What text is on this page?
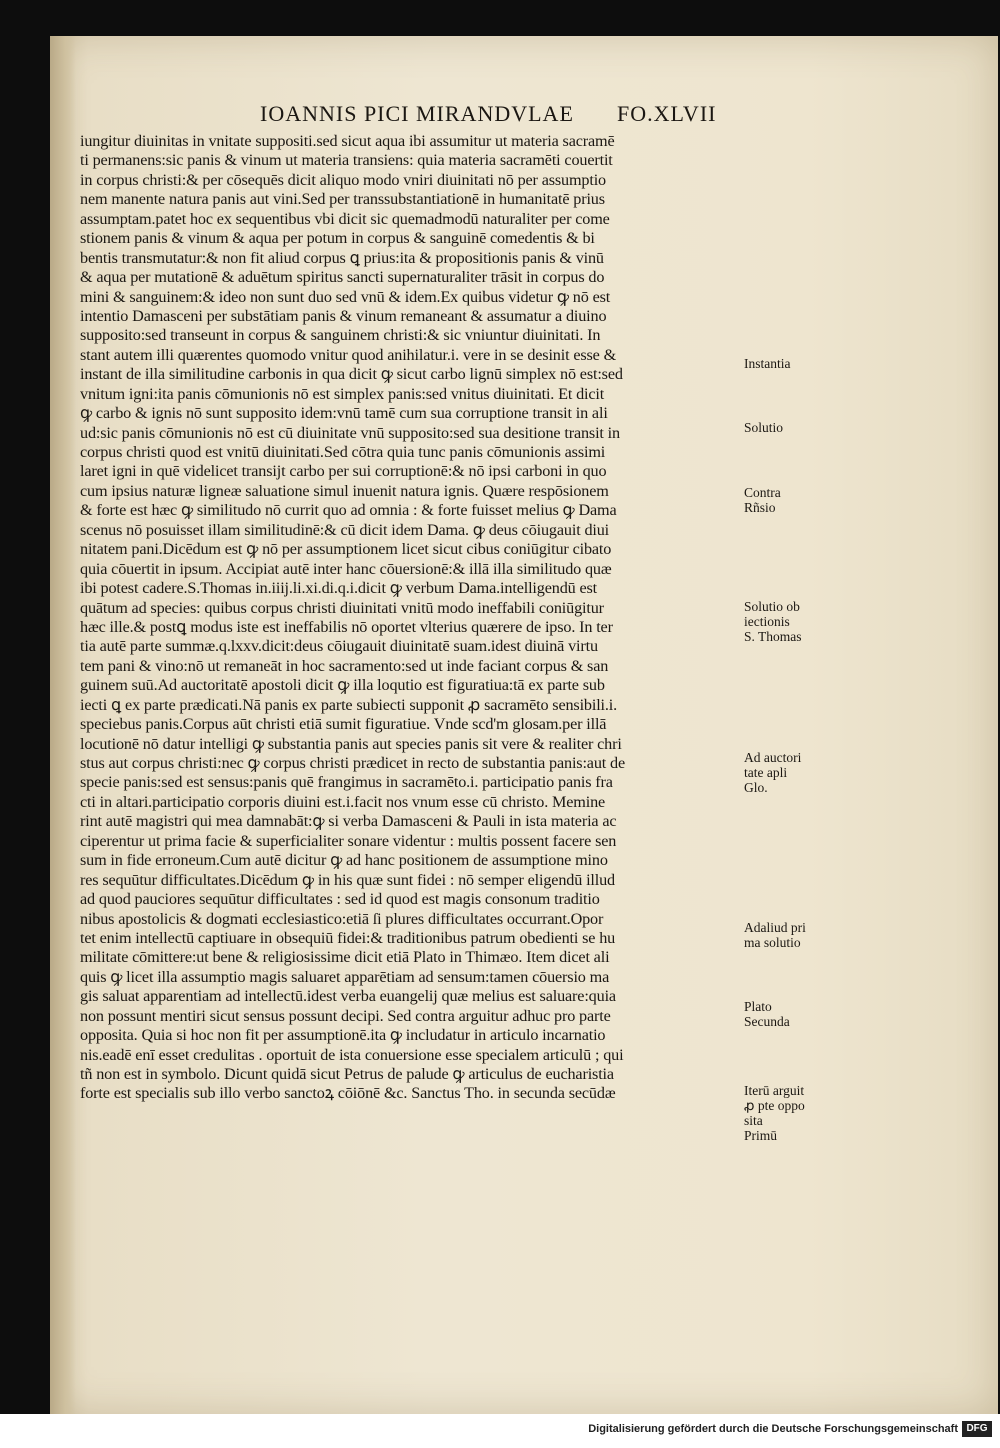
IOANNIS PICI MIRANDVLAE FO.XLVII
iungitur diuinitas in vnitate suppositi.sed sicut aqua ibi assumitur ut materia sacramē
ti permanens:sic panis & vinum ut materia transiens: quia materia sacramēti couertit
in corpus christi:& per cōsequēs dicit aliquo modo vniri diuinitati nō per assumptio
nem manente natura panis aut vini.Sed per transsubstantiationē in humanitatē prius
assumptam.patet hoc ex sequentibus vbi dicit sic quemadmodū naturaliter per come
stionem panis & vinum & aqua per potum in corpus & sanguinē comedentis & bi
bentis transmutatur:& non fit aliud corpus ꝗ prius:ita & propositionis panis & vinū
& aqua per mutationē & aduētum spiritus sancti supernaturaliter trāsit in corpus do
mini & sanguinem:& ideo non sunt duo sed vnū & idem.Ex quibus videtur ꝙ nō est
intentio Damasceni per substātiam panis & vinum remaneant & assumatur a diuino
supposito:sed transeunt in corpus & sanguinem christi:& sic vniuntur diuinitati. In
stant autem illi quærentes quomodo vnitur quod anihilatur.i. vere in se desinit esse &
instant de illa similitudine carbonis in qua dicit ꝙ sicut carbo lignū simplex nō est:sed
vnitum igni:ita panis cōmunionis nō est simplex panis:sed vnitus diuinitati. Et dicit
ꝙ carbo & ignis nō sunt supposito idem:vnū tamē cum sua corruptione transit in ali
ud:sic panis cōmunionis nō est cū diuinitate vnū supposito:sed sua desitione transit in
corpus christi quod est vnitū diuinitati.Sed cōtra quia tunc panis cōmunionis assimi
laret igni in quē videlicet transijt carbo per sui corruptionē:& nō ipsi carboni in quo
cum ipsius naturæ ligneæ saluatione simul inuenit natura ignis. Quære respōsionem
& forte est hæc ꝙ similitudo nō currit quo ad omnia : & forte fuisset melius ꝙ Dama
scenus nō posuisset illam similitudinē:& cū dicit idem Dama. ꝙ deus cōiugauit diui
nitatem pani.Dicēdum est ꝙ nō per assumptionem licet sicut cibus coniūgitur cibato
quia cōuertit in ipsum. Accipiat autē inter hanc cōuersionē:& illā illa similitudo quæ
ibi potest cadere.S.Thomas in.iiij.li.xi.di.q.i.dicit ꝙ verbum Dama.intelligendū est
quātum ad species: quibus corpus christi diuinitati vnitū modo ineffabili coniūgitur
hæc ille.& postꝗ modus iste est ineffabilis nō oportet vlterius quærere de ipso. In ter
tia autē parte summæ.q.lxxv.dicit:deus cōiugauit diuinitatē suam.idest diuinā virtu
tem pani & vino:nō ut remaneāt in hoc sacramento:sed ut inde faciant corpus & san
guinem suū.Ad auctoritatē apostoli dicit ꝙ illa loqutio est figuratiua:tā ex parte sub
iecti ꝗ ex parte prædicati.Nā panis ex parte subiecti supponit ꝓ sacramēto sensibili.i.
speciebus panis.Corpus aūt christi etiā sumit figuratiue. Vnde scd'm glosam.per illā
locutionē nō datur intelligi ꝙ substantia panis aut species panis sit vere & realiter chri
stus aut corpus christi:nec ꝙ corpus christi prædicet in recto de substantia panis:aut de
specie panis:sed est sensus:panis quē frangimus in sacramēto.i. participatio panis fra
cti in altari.participatio corporis diuini est.i.facit nos vnum esse cū christo. Memine
rint autē magistri qui mea damnabāt:ꝙ si verba Damasceni & Pauli in ista materia ac
ciperentur ut prima facie & superficialiter sonare videntur : multis possent facere sen
sum in fide erroneum.Cum autē dicitur ꝙ ad hanc positionem de assumptione mino
res sequūtur difficultates.Dicēdum ꝙ in his quæ sunt fidei : nō semper eligendū illud
ad quod pauciores sequūtur difficultates : sed id quod est magis consonum traditio
nibus apostolicis & dogmati ecclesiastico:etiā ſi plures difficultates occurrant.Opor
tet enim intellectū captiuare in obsequiū fidei:& traditionibus patrum obedienti se hu
militate cōmittere:ut bene & religiosissime dicit etiā Plato in Thimæo. Item dicet ali
quis ꝙ licet illa assumptio magis saluaret apparētiam ad sensum:tamen cōuersio ma
gis saluat apparentiam ad intellectū.idest verba euangelij quæ melius est saluare:quia
non possunt mentiri sicut sensus possunt decipi. Sed contra arguitur adhuc pro parte
opposita. Quia si hoc non fit per assumptionē.ita ꝙ includatur in articulo incarnatio
nis.eadē enī esset credulitas . oportuit de ista conuersione esse specialem articulū ; qui
tñ non est in symbolo. Dicunt quidā sicut Petrus de palude ꝙ articulus de eucharistia
forte est specialis sub illo verbo sanctoꝝ cōiōnē &c. Sanctus Tho. in secunda secūdæ
Instantia
Solutio
Contra
Rñsio
Solutio ob
iectionis
S. Thomas
Ad auctori
tate apli
Glo.
Adaliud pri
ma solutio
Plato
Secunda
Iterū arguit
ꝓ pte oppo
sita
Primū
Digitalisierung gefördert durch die Deutsche Forschungsgemeinschaft DFG
